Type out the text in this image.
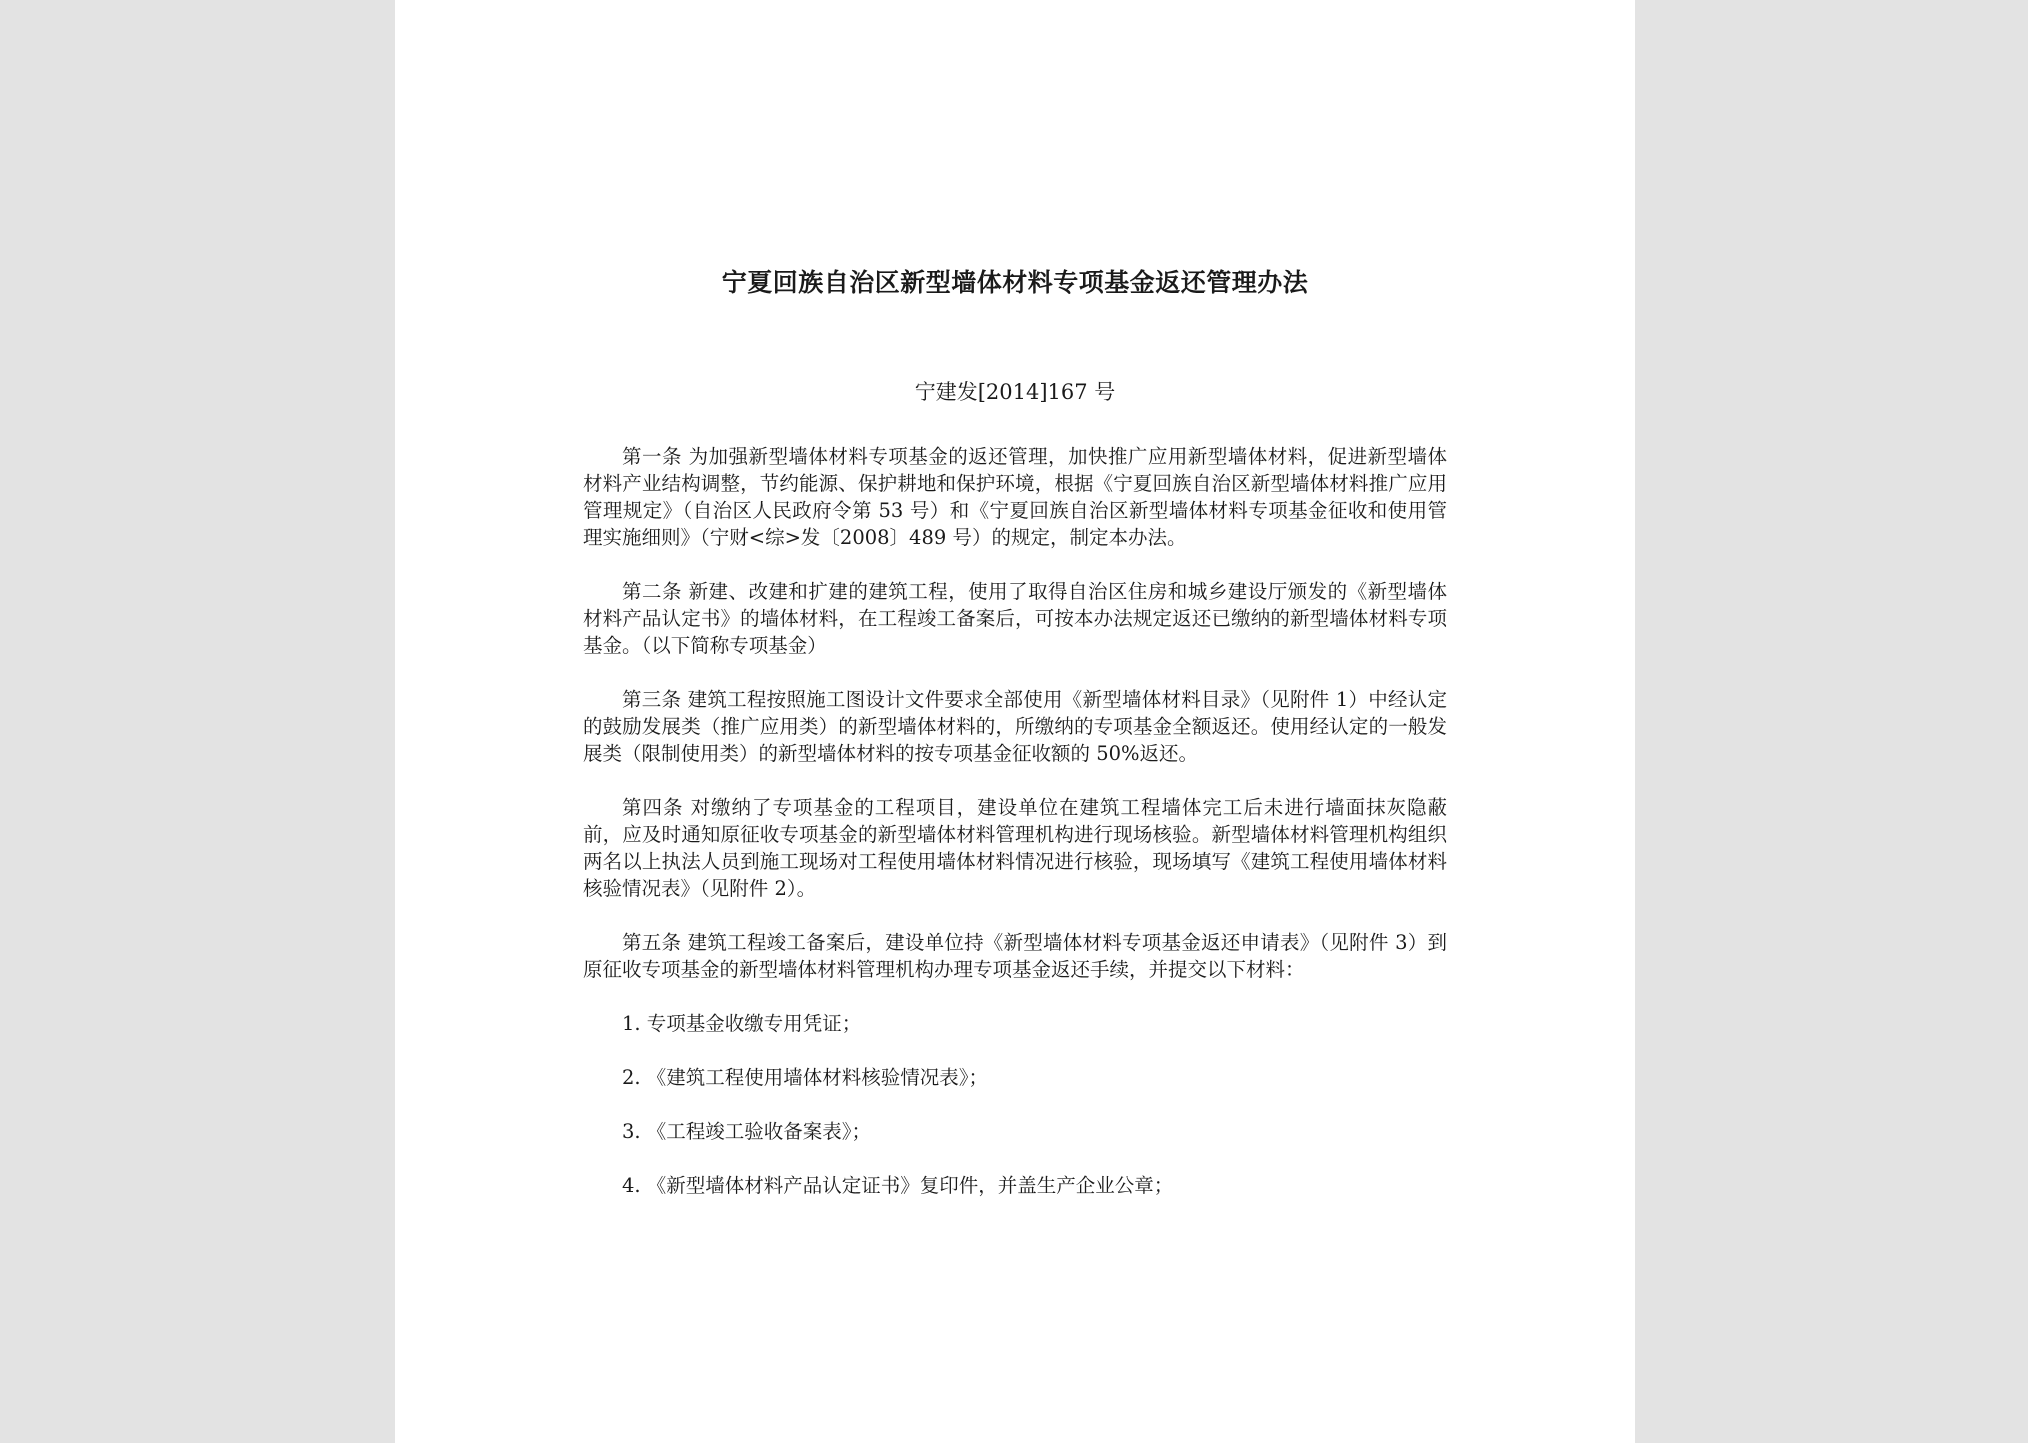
宁夏回族自治区新型墙体材料专项基金返还管理办法

宁建发[2014]167 号

第一条 为加强新型墙体材料专项基金的返还管理，加快推广应用新型墙体材料，促进新型墙体材料产业结构调整，节约能源、保护耕地和保护环境，根据《宁夏回族自治区新型墙体材料推广应用管理规定》（自治区人民政府令第 53 号）和《宁夏回族自治区新型墙体材料专项基金征收和使用管理实施细则》（宁财<综>发〔2008〕489 号）的规定，制定本办法。

第二条 新建、改建和扩建的建筑工程，使用了取得自治区住房和城乡建设厅颁发的《新型墙体材料产品认定书》的墙体材料，在工程竣工备案后，可按本办法规定返还已缴纳的新型墙体材料专项基金。（以下简称专项基金）

第三条 建筑工程按照施工图设计文件要求全部使用《新型墙体材料目录》（见附件 1）中经认定的鼓励发展类（推广应用类）的新型墙体材料的，所缴纳的专项基金全额返还。使用经认定的一般发展类（限制使用类）的新型墙体材料的按专项基金征收额的 50%返还。

第四条 对缴纳了专项基金的工程项目，建设单位在建筑工程墙体完工后未进行墙面抹灰隐蔽前，应及时通知原征收专项基金的新型墙体材料管理机构进行现场核验。新型墙体材料管理机构组织两名以上执法人员到施工现场对工程使用墙体材料情况进行核验，现场填写《建筑工程使用墙体材料核验情况表》（见附件 2）。

第五条 建筑工程竣工备案后，建设单位持《新型墙体材料专项基金返还申请表》（见附件 3）到原征收专项基金的新型墙体材料管理机构办理专项基金返还手续，并提交以下材料：

1. 专项基金收缴专用凭证；

2. 《建筑工程使用墙体材料核验情况表》；

3. 《工程竣工验收备案表》；

4. 《新型墙体材料产品认定证书》复印件，并盖生产企业公章；
